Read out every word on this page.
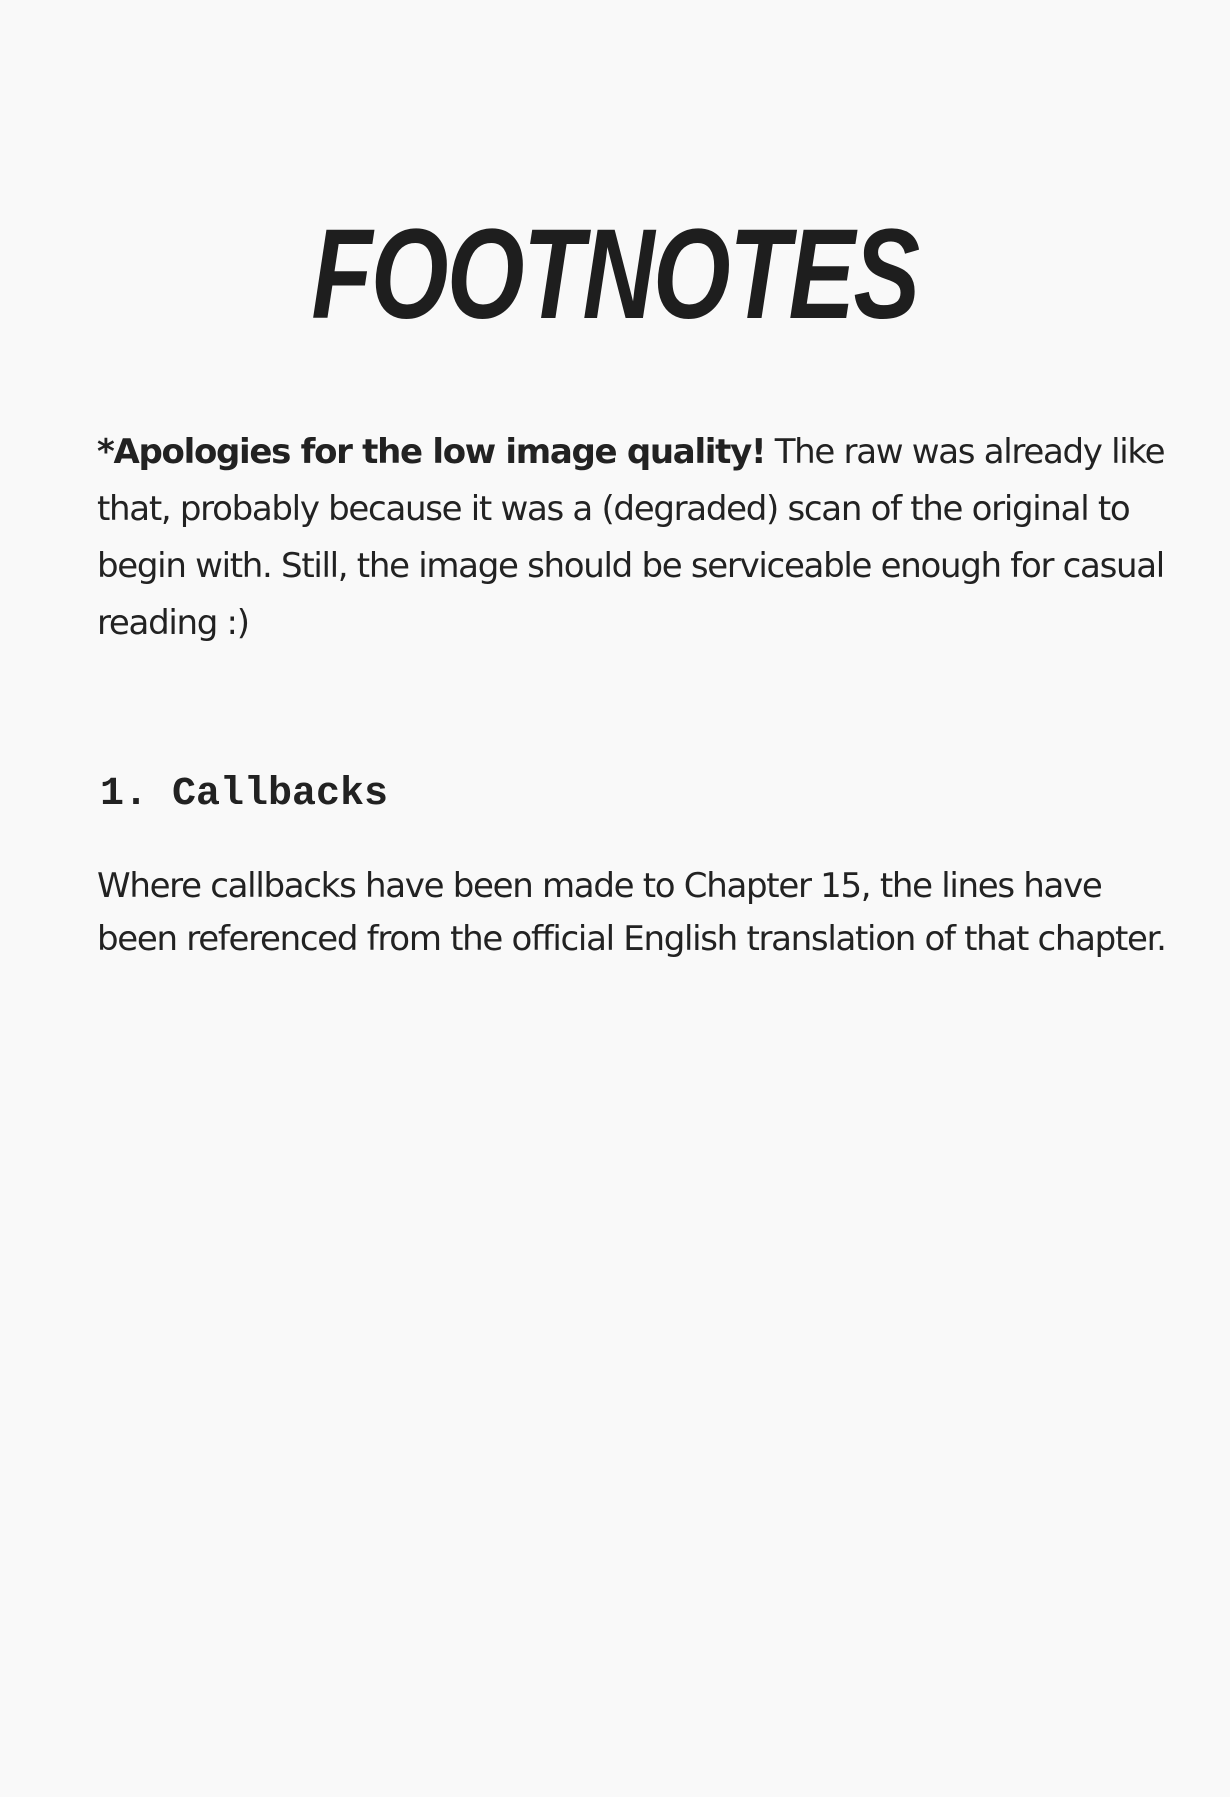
FOOTNOTES

*Apologies for the low image quality! The raw was already like that, probably because it was a (degraded) scan of the original to begin with. Still, the image should be serviceable enough for casual reading :)

1. Callbacks

Where callbacks have been made to Chapter 15, the lines have been referenced from the official English translation of that chapter.
